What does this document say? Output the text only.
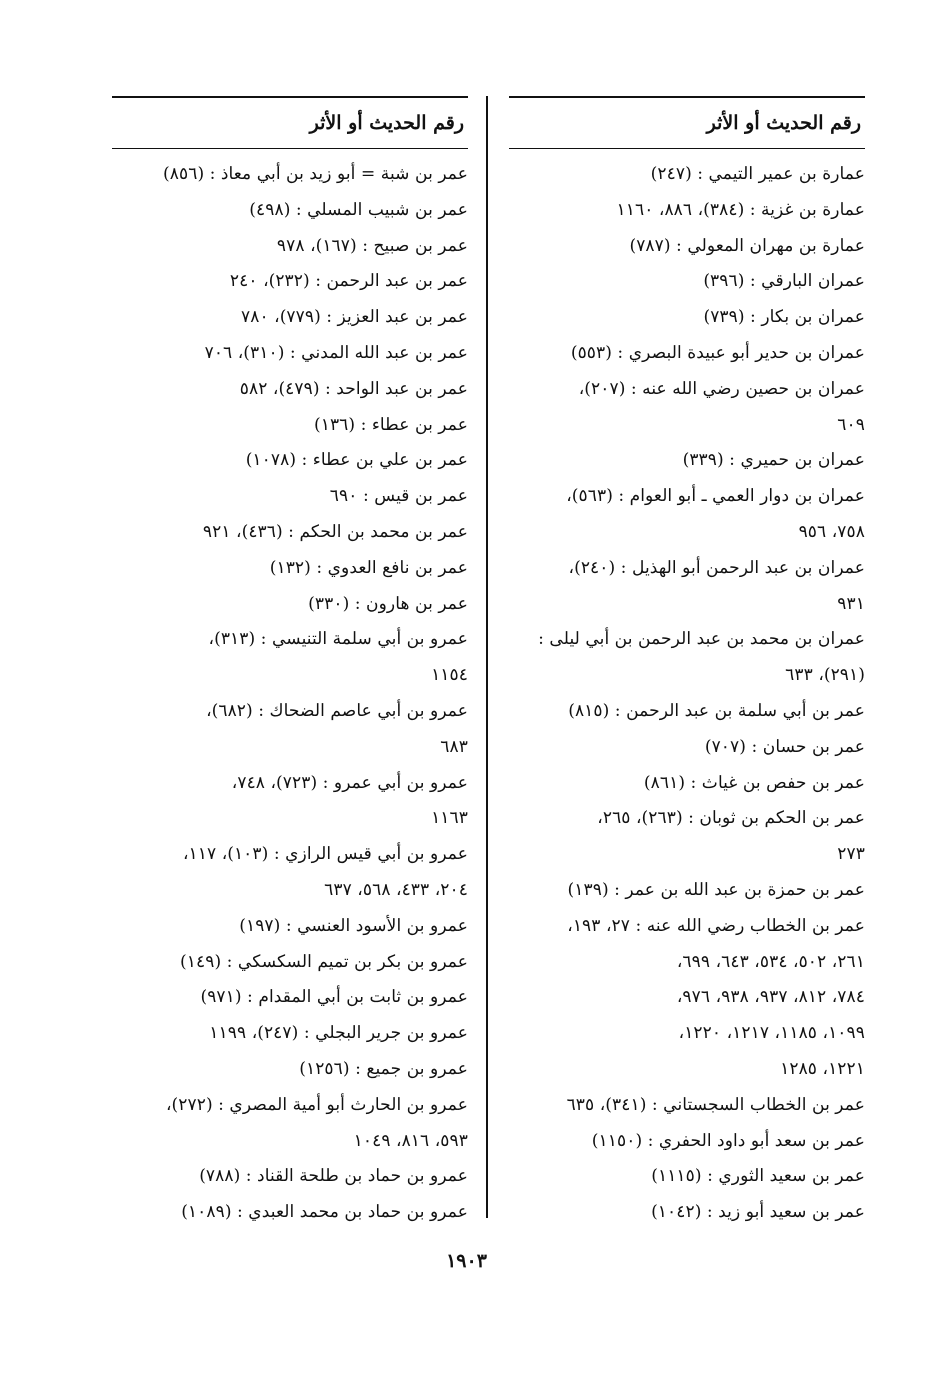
رقم الحديث أو الأثر
عمارة بن عمير التيمي : (٢٤٧)
عمارة بن غزية : (٣٨٤)، ٨٨٦، ١١٦٠
عمارة بن مهران المعولي : (٧٨٧)
عمران البارقي : (٣٩٦)
عمران بن بكار : (٧٣٩)
عمران بن حدير أبو عبيدة البصري : (٥٥٣)
عمران بن حصين رضي الله عنه : (٢٠٧)،
٦٠٩
عمران بن حميري : (٣٣٩)
عمران بن دوار العمي ـ أبو العوام : (٥٦٣)،
٧٥٨، ٩٥٦
عمران بن عبد الرحمن أبو الهذيل : (٢٤٠)،
٩٣١
عمران بن محمد بن عبد الرحمن بن أبي ليلى :
(٢٩١)، ٦٣٣
عمر بن أبي سلمة بن عبد الرحمن : (٨١٥)
عمر بن حسان : (٧٠٧)
عمر بن حفص بن غياث : (٨٦١)
عمر بن الحكم بن ثوبان : (٢٦٣)، ٢٦٥،
٢٧٣
عمر بن حمزة بن عبد الله بن عمر : (١٣٩)
عمر بن الخطاب رضي الله عنه : ٢٧، ١٩٣،
٢٦١، ٥٠٢، ٥٣٤، ٦٤٣، ٦٩٩،
٧٨٤، ٨١٢، ٩٣٧، ٩٣٨، ٩٧٦،
١٠٩٩، ١١٨٥، ١٢١٧، ١٢٢٠،
١٢٢١، ١٢٨٥
عمر بن الخطاب السجستاني : (٣٤١)، ٦٣٥
عمر بن سعد أبو داود الحفري : (١١٥٠)
عمر بن سعيد الثوري : (١١١٥)
عمر بن سعيد أبو زيد : (١٠٤٢)
رقم الحديث أو الأثر
عمر بن شبة = أبو زيد بن أبي معاذ : (٨٥٦)
عمر بن شبيب المسلي : (٤٩٨)
عمر بن صبيح : (١٦٧)، ٩٧٨
عمر بن عبد الرحمن : (٢٣٢)، ٢٤٠
عمر بن عبد العزيز : (٧٧٩)، ٧٨٠
عمر بن عبد الله المدني : (٣١٠)، ٧٠٦
عمر بن عبد الواحد : (٤٧٩)، ٥٨٢
عمر بن عطاء : (١٣٦)
عمر بن علي بن عطاء : (١٠٧٨)
عمر بن قيس : ٦٩٠
عمر بن محمد بن الحكم : (٤٣٦)، ٩٢١
عمر بن نافع العدوي : (١٣٢)
عمر بن هارون : (٣٣٠)
عمرو بن أبي سلمة التنيسي : (٣١٣)،
١١٥٤
عمرو بن أبي عاصم الضحاك : (٦٨٢)،
٦٨٣
عمرو بن أبي عمرو : (٧٢٣)، ٧٤٨،
١١٦٣
عمرو بن أبي قيس الرازي : (١٠٣)، ١١٧،
٢٠٤، ٤٣٣، ٥٦٨، ٦٣٧
عمرو بن الأسود العنسي : (١٩٧)
عمرو بن بكر بن تميم السكسكي : (١٤٩)
عمرو بن ثابت بن أبي المقدام : (٩٧١)
عمرو بن جرير البجلي : (٢٤٧)، ١١٩٩
عمرو بن جميع : (١٢٥٦)
عمرو بن الحارث أبو أمية المصري : (٢٧٢)،
٥٩٣، ٨١٦، ١٠٤٩
عمرو بن حماد بن طلحة القناد : (٧٨٨)
عمرو بن حماد بن محمد العبدي : (١٠٨٩)
١٩٠٣
